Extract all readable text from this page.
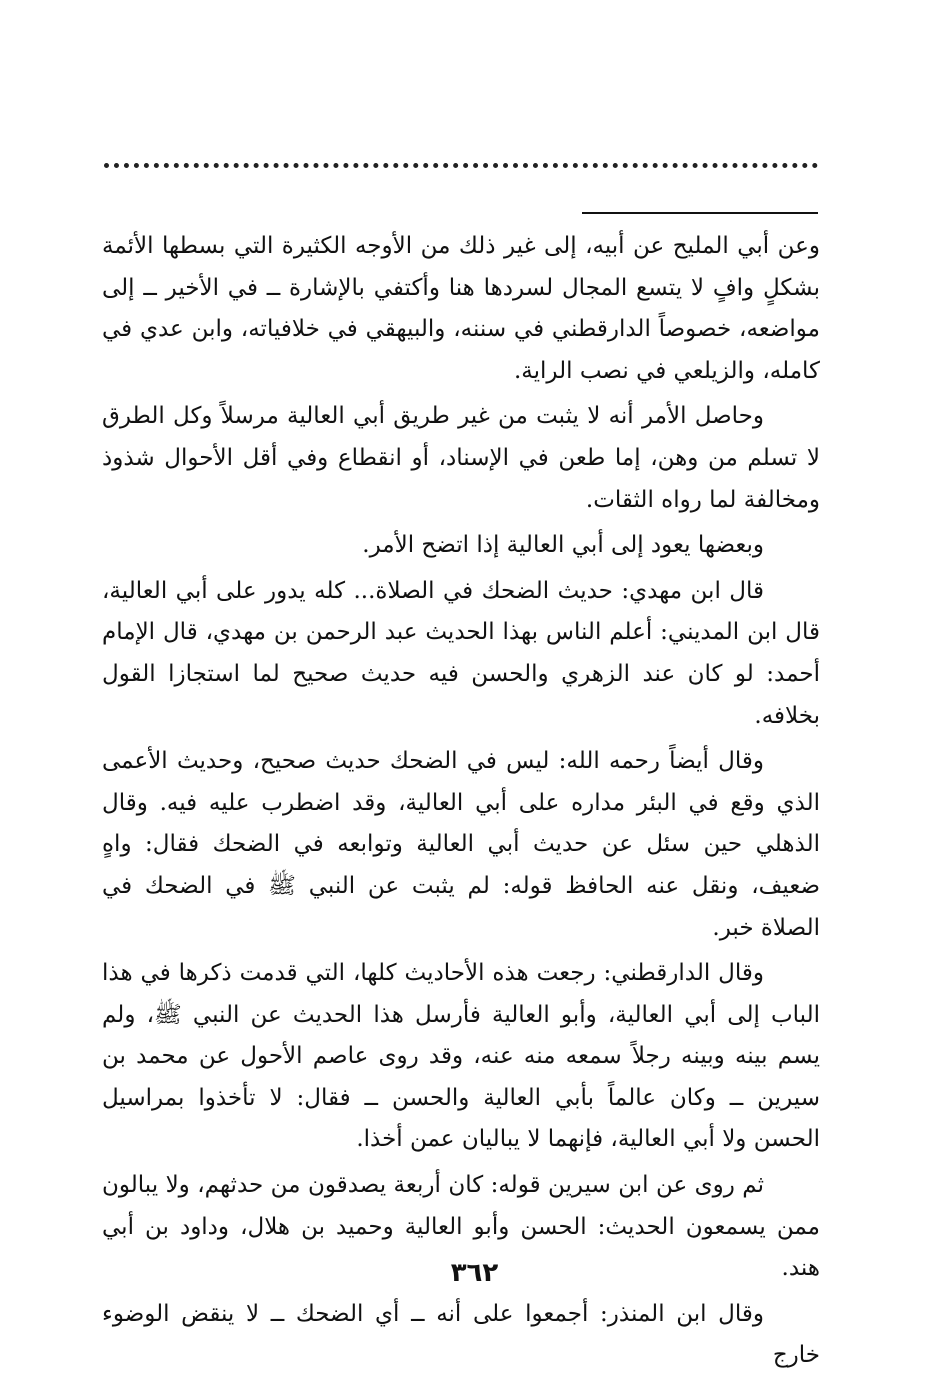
وعن أبي المليح عن أبيه، إلى غير ذلك من الأوجه الكثيرة التي بسطها الأئمة بشكلٍ وافٍ لا يتسع المجال لسردها هنا وأكتفي بالإشارة ــ في الأخير ــ إلى مواضعه، خصوصاً الدارقطني في سننه، والبيهقي في خلافياته، وابن عدي في كامله، والزيلعي في نصب الراية.

وحاصل الأمر أنه لا يثبت من غير طريق أبي العالية مرسلاً وكل الطرق لا تسلم من وهن، إما طعن في الإسناد، أو انقطاع وفي أقل الأحوال شذوذ ومخالفة لما رواه الثقات.

وبعضها يعود إلى أبي العالية إذا اتضح الأمر.

قال ابن مهدي: حديث الضحك في الصلاة... كله يدور على أبي العالية، قال ابن المديني: أعلم الناس بهذا الحديث عبد الرحمن بن مهدي، قال الإمام أحمد: لو كان عند الزهري والحسن فيه حديث صحيح لما استجازا القول بخلافه.

وقال أيضاً رحمه الله: ليس في الضحك حديث صحيح، وحديث الأعمى الذي وقع في البئر مداره على أبي العالية، وقد اضطرب عليه فيه. وقال الذهلي حين سئل عن حديث أبي العالية وتوابعه في الضحك فقال: واهٍ ضعيف، ونقل عنه الحافظ قوله: لم يثبت عن النبي ﷺ في الضحك في الصلاة خبر.

وقال الدارقطني: رجعت هذه الأحاديث كلها، التي قدمت ذكرها في هذا الباب إلى أبي العالية، وأبو العالية فأرسل هذا الحديث عن النبي ﷺ، ولم يسم بينه وبينه رجلاً سمعه منه عنه، وقد روى عاصم الأحول عن محمد بن سيرين ــ وكان عالماً بأبي العالية والحسن ــ فقال: لا تأخذوا بمراسيل الحسن ولا أبي العالية، فإنهما لا يباليان عمن أخذا.

ثم روى عن ابن سيرين قوله: كان أربعة يصدقون من حدثهم، ولا يبالون ممن يسمعون الحديث: الحسن وأبو العالية وحميد بن هلال، وداود بن أبي هند.

وقال ابن المنذر: أجمعوا على أنه ــ أي الضحك ــ لا ينقض الوضوء خارج

٣٦٢
